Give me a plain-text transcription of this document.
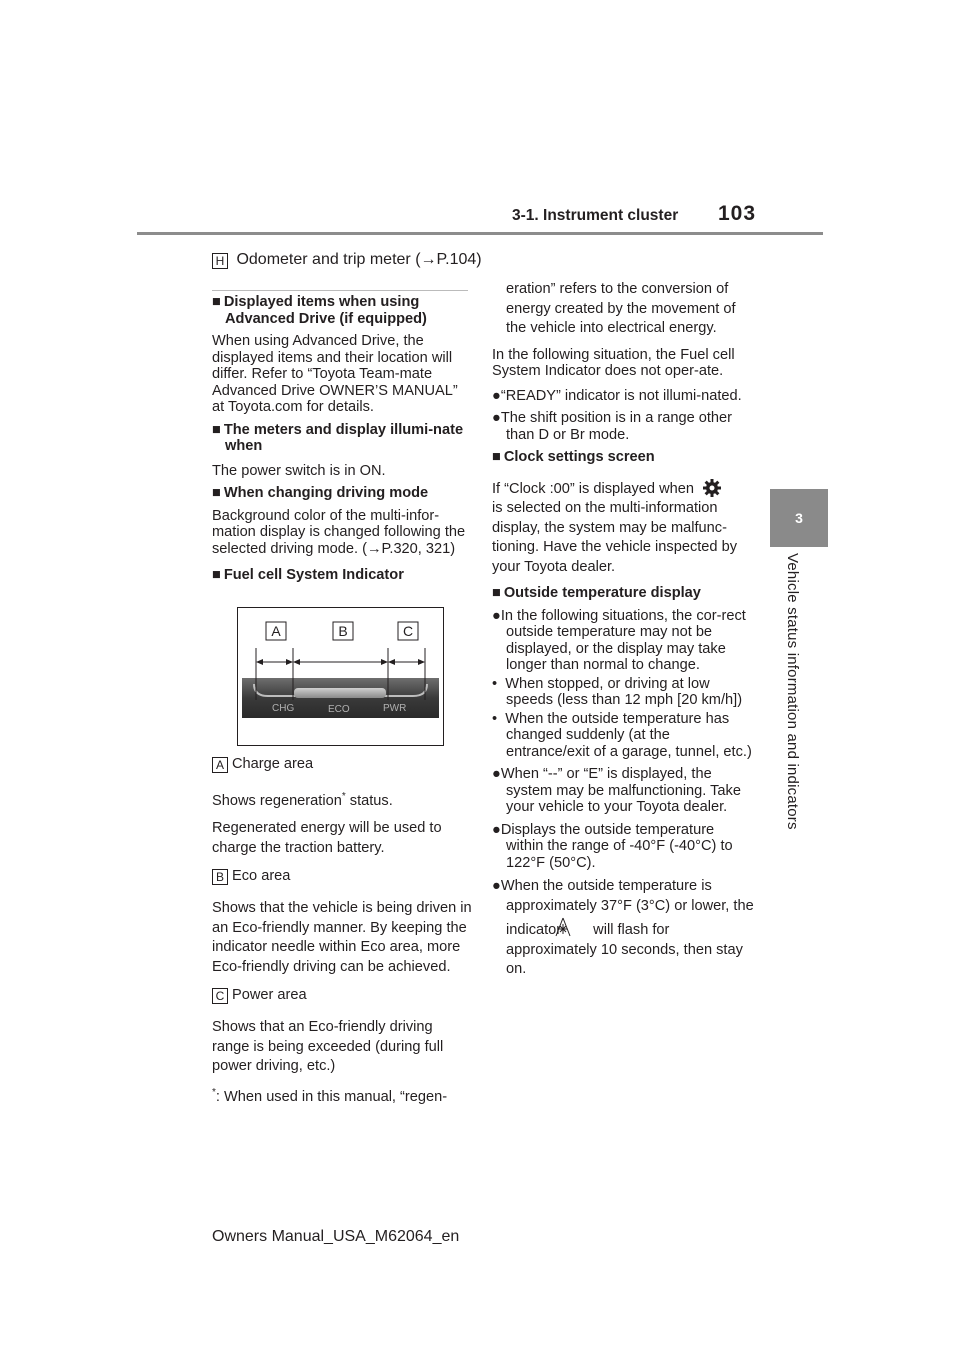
3-1. Instrument cluster 103
3
Vehicle status information and indicators
H Odometer and trip meter (→P.104)

■ Displayed items when using Advanced Drive (if equipped)

When using Advanced Drive, the displayed items and their location will differ. Refer to “Toyota Team-mate Advanced Drive OWNER’S MANUAL” at Toyota.com for details.

■ The meters and display illumi-nate when

The power switch is in ON.

■ When changing driving mode

Background color of the multi-infor-mation display is changed following the selected driving mode. (→P.320, 321)

■ Fuel cell System Indicator

CHG	ECO	PWR
A	B	C

A Charge area

Shows regeneration* status.

Regenerated energy will be used to charge the traction battery.

B Eco area

Shows that the vehicle is being driven in an Eco-friendly manner. By keeping the indicator needle within Eco area, more Eco-friendly driving can be achieved.

C Power area

Shows that an Eco-friendly driving range is being exceeded (during full power driving, etc.)

*: When used in this manual, “regen-

eration” refers to the conversion of energy created by the movement of the vehicle into electrical energy.

In the following situation, the Fuel cell System Indicator does not oper-ate.

●“READY” indicator is not illumi-nated.

●The shift position is in a range other than D or Br mode.

■ Clock settings screen

If “Clock :00” is displayed when
is selected on the multi-information display, the system may be malfunc-tioning. Have the vehicle inspected by your Toyota dealer.

■ Outside temperature display

●In the following situations, the cor-rect outside temperature may not be displayed, or the display may take longer than normal to change.

• When stopped, or driving at low speeds (less than 12 mph [20 km/h])

• When the outside temperature has changed suddenly (at the entrance/exit of a garage, tunnel, etc.)

●When “--” or “E” is displayed, the system may be malfunctioning. Take your vehicle to your Toyota dealer.

●Displays the outside temperature within the range of -40°F (-40°C) to 122°F (50°C).

●When the outside temperature is approximately 37°F (3°C) or lower, the indicator will flash for approximately 10 seconds, then stay on.

Owners Manual_USA_M62064_en
